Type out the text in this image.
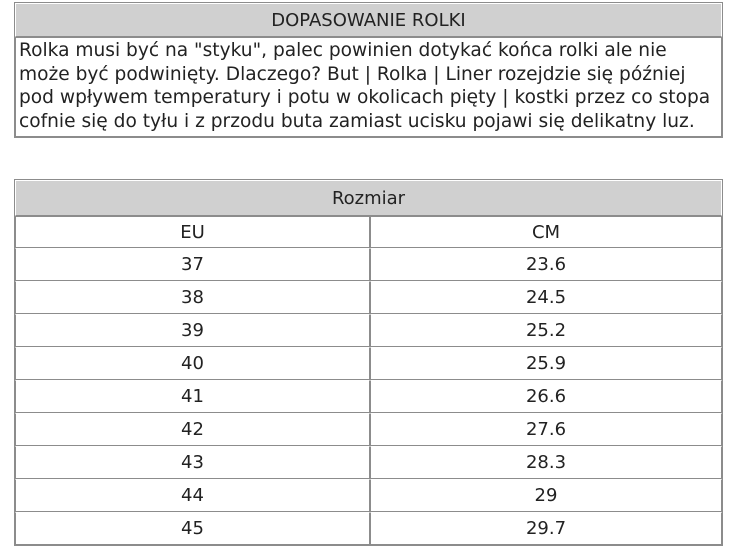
DOPASOWANIE ROLKI
Rolka musi być na "styku", palec powinien dotykać końca rolki ale nie może być podwinięty. Dlaczego? But | Rolka | Liner rozejdzie się później pod wpływem temperatury i potu w okolicach pięty | kostki przez co stopa cofnie się do tyłu i z przodu buta zamiast ucisku pojawi się delikatny luz.
Rozmiar	
EU	CM
37	23.6
38	24.5
39	25.2
40	25.9
41	26.6
42	27.6
43	28.3
44	29
45	29.7
